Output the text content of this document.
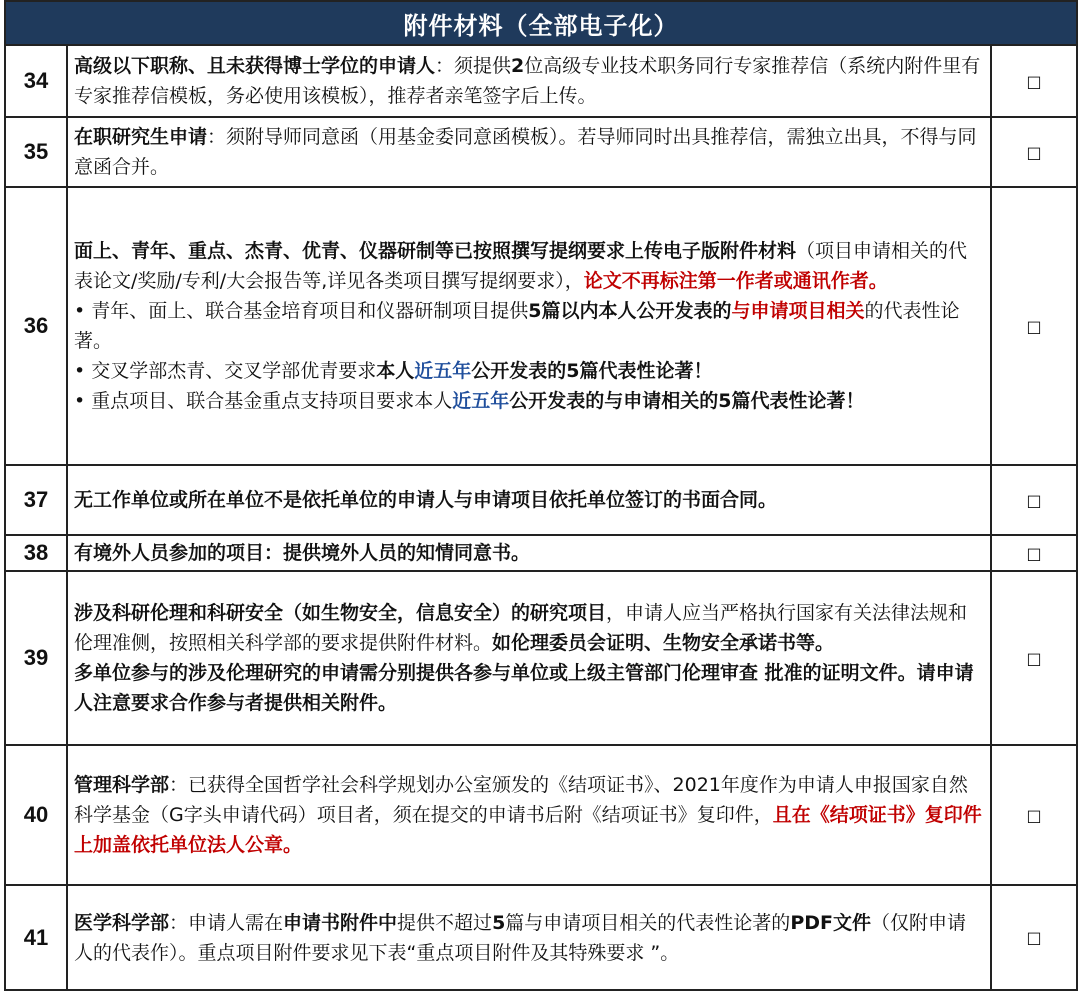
附件材料（全部电子化）		
34	高级以下职称、且未获得博士学位的申请人：须提供2位高级专业技术职务同行专家推荐信（系统内附件里有专家推荐信模板，务必使用该模板），推荐者亲笔签字后上传。	□
35	在职研究生申请：须附导师同意函（用基金委同意函模板）。若导师同时出具推荐信，需独立出具，不得与同意函合并。	□
36	面上、青年、重点、杰青、优青、仪器研制等已按照撰写提纲要求上传电子版附件材料（项目申请相关的代表论文/奖励/专利/大会报告等,详见各类项目撰写提纲要求），论文不再标注第一作者或通讯作者。
• 青年、面上、联合基金培育项目和仪器研制项目提供5篇以内本人公开发表的与申请项目相关的代表性论著。
• 交叉学部杰青、交叉学部优青要求本人近五年公开发表的5篇代表性论著！
• 重点项目、联合基金重点支持项目要求本人近五年公开发表的与申请相关的5篇代表性论著！	□
37	无工作单位或所在单位不是依托单位的申请人与申请项目依托单位签订的书面合同。	□
38	有境外人员参加的项目：提供境外人员的知情同意书。	□
39	涉及科研伦理和科研安全（如生物安全，信息安全）的研究项目，申请人应当严格执行国家有关法律法规和伦理准侧，按照相关科学部的要求提供附件材料。如伦理委员会证明、生物安全承诺书等。
多单位参与的涉及伦理研究的申请需分别提供各参与单位或上级主管部门伦理审查 批准的证明文件。请申请人注意要求合作参与者提供相关附件。	□
40	管理科学部：已获得全国哲学社会科学规划办公室颁发的《结项证书》、2021年度作为申请人申报国家自然科学基金（G字头申请代码）项目者，须在提交的申请书后附《结项证书》复印件，且在《结项证书》复印件上加盖依托单位法人公章。	□
41	医学科学部：申请人需在申请书附件中提供不超过5篇与申请项目相关的代表性论著的PDF文件（仅附申请人的代表作）。重点项目附件要求见下表“重点项目附件及其特殊要求 ”。	□
